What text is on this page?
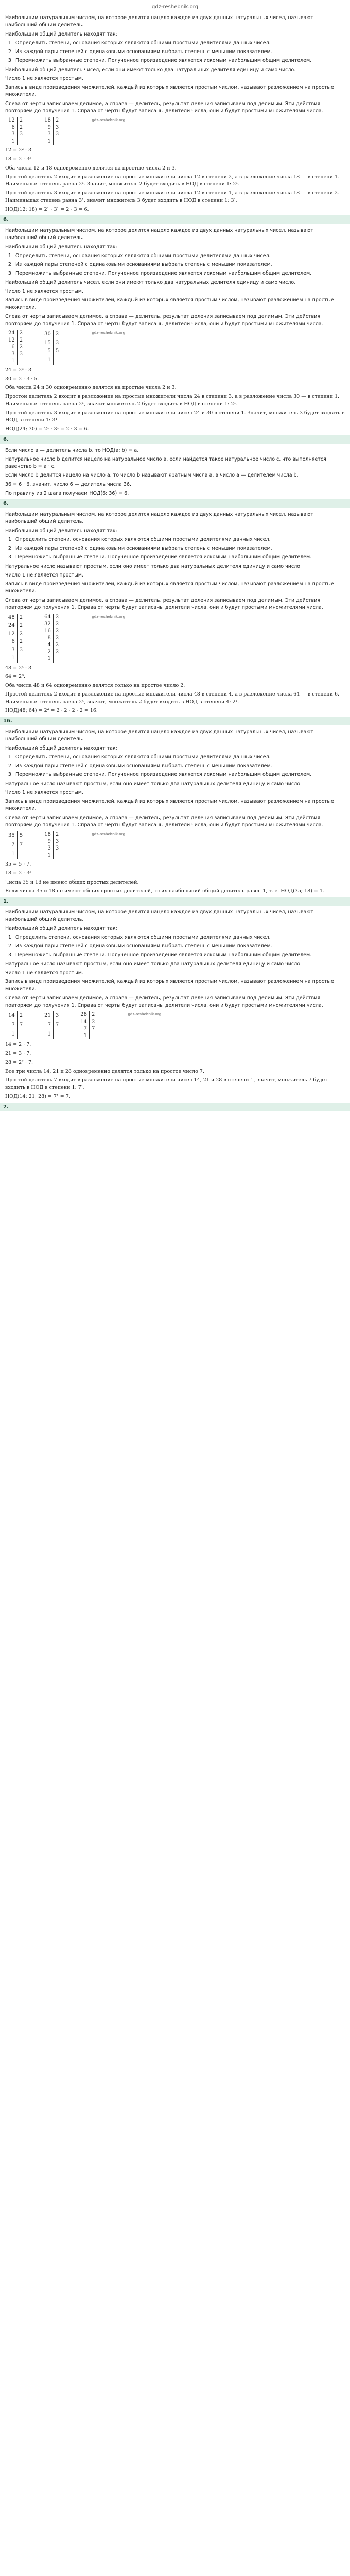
gdz-reshebnik.org

Наибольшим натуральным числом, на которое делится нацело каждое из двух данных натуральных чисел, называют наибольший общий делитель.

Наибольший общий делитель находят так:

1. Определить степени, основания которых являются общими простыми делителями данных чисел.
2. Из каждой пары степеней с одинаковыми основаниями выбрать степень с меньшим показателем.
3. Перемножить выбранные степени. Полученное произведение является искомым наибольшим общим делителем.

Наибольший общий делитель чисел, если они имеют только два натуральных делителя единицу и само число.

Число 1 не является простым.

Запись в виде произведения множителей, каждый из которых является простым числом, называют разложением на простые множители.

Слева от черты записываем делимое, а справа — делитель, результат деления записываем под делимым. Эти действия повторяем до получения 1. Справа от черты будут записаны делители числа, они и будут простыми множителями числа.

12	2
6	2
3	3
1	
18	2
9	3
3	3
1	
gdz-reshebnik.org

12 = 2² · 3.

18 = 2 · 3².

Оба числа 12 и 18 одновременно делятся на простые числа 2 и 3.

Простой делитель 2 входит в разложение на простые множители числа 12 в степени 2, а в разложение числа 18 — в степени 1. Наименьшая степень равна 2¹. Значит, множитель 2 будет входить в НОД в степени 1: 2¹.

Простой делитель 3 входит в разложение на простые множители числа 12 в степени 1, а в разложение числа 18 — в степени 2. Наименьшая степень равна 3¹, значит множитель 3 будет входить в НОД в степени 1: 3¹.

НОД(12; 18) = 2¹ · 3¹ = 2 · 3 = 6.

6.

Наибольшим натуральным числом, на которое делится нацело каждое из двух данных натуральных чисел, называют наибольший общий делитель.

Наибольший общий делитель находят так:

1. Определить степени, основания которых являются общими простыми делителями данных чисел.
2. Из каждой пары степеней с одинаковыми основаниями выбрать степень с меньшим показателем.
3. Перемножить выбранные степени. Полученное произведение является искомым наибольшим общим делителем.

Наибольший общий делитель чисел, если они имеют только два натуральных делителя единицу и само число.

Число 1 не является простым.

Запись в виде произведения множителей, каждый из которых является простым числом, называют разложением на простые множители.

Слева от черты записываем делимое, а справа — делитель, результат деления записываем под делимым. Эти действия повторяем до получения 1. Справа от черты будут записаны делители числа, они и будут простыми множителями числа.

24	2
12	2
6	2
3	3
1	
30	2
15	3
5	5
1	
gdz-reshebnik.org

24 = 2³ · 3.

30 = 2 · 3 · 5.

Оба числа 24 и 30 одновременно делятся на простые числа 2 и 3.

Простой делитель 2 входит в разложение на простые множители числа 24 в степени 3, а в разложение числа 30 — в степени 1. Наименьшая степень равна 2¹, значит множитель 2 будет входить в НОД в степени 1: 2¹.

Простой делитель 3 входит в разложение на простые множители чисел 24 и 30 в степени 1. Значит, множитель 3 будет входить в НОД в степени 1: 3¹.

НОД(24; 30) = 2¹ · 3¹ = 2 · 3 = 6.

6.

Если число a — делитель числа b, то НОД(a; b) = a.

Натуральное число b делится нацело на натуральное число a, если найдется такое натуральное число c, что выполняется равенство b = a · c.

Если число b делится нацело на число a, то число b называют кратным числа a, а число a — делителем числа b.

36 = 6 · 6, значит, число 6 — делитель числа 36.

По правилу из 2 шага получаем НОД(6; 36) = 6.

6.

Наибольшим натуральным числом, на которое делится нацело каждое из двух данных натуральных чисел, называют наибольший общий делитель.

Наибольший общий делитель находят так:

1. Определить степени, основания которых являются общими простыми делителями данных чисел.
2. Из каждой пары степеней с одинаковыми основаниями выбрать степень с меньшим показателем.
3. Перемножить выбранные степени. Полученное произведение является искомым наибольшим общим делителем.

Натуральное число называют простым, если оно имеет только два натуральных делителя единицу и само число.

Число 1 не является простым.

Запись в виде произведения множителей, каждый из которых является простым числом, называют разложением на простые множители.

Слева от черты записываем делимое, а справа — делитель, результат деления записываем под делимым. Эти действия повторяем до получения 1. Справа от черты будут записаны делители числа, они и будут простыми множителями числа.

48	2
24	2
12	2
6	2
3	3
1	
64	2
32	2
16	2
8	2
4	2
2	2
1	
gdz-reshebnik.org

48 = 2⁴ · 3.

64 = 2⁶.

Оба числа 48 и 64 одновременно делятся только на простое число 2.

Простой делитель 2 входит в разложение на простые множители числа 48 в степени 4, а в разложение числа 64 — в степени 6. Наименьшая степень равна 2⁴, значит, множитель 2 будет входить в НОД в степени 4: 2⁴.

НОД(48; 64) = 2⁴ = 2 · 2 · 2 · 2 = 16.

16.

Наибольшим натуральным числом, на которое делится нацело каждое из двух данных натуральных чисел, называют наибольший общий делитель.

Наибольший общий делитель находят так:

1. Определить степени, основания которых являются общими простыми делителями данных чисел.
2. Из каждой пары степеней с одинаковыми основаниями выбрать степень с меньшим показателем.
3. Перемножить выбранные степени. Полученное произведение является искомым наибольшим общим делителем.

Натуральное число называют простым, если оно имеет только два натуральных делителя единицу и само число.

Число 1 не является простым.

Запись в виде произведения множителей, каждый из которых является простым числом, называют разложением на простые множители.

Слева от черты записываем делимое, а справа — делитель, результат деления записываем под делимым. Эти действия повторяем до получения 1. Справа от черты будут записаны делители числа, они и будут простыми множителями числа.

35	5
7	7
1	
18	2
9	3
3	3
1	
gdz-reshebnik.org

35 = 5 · 7.

18 = 2 · 3².

Числа 35 и 18 не имеют общих простых делителей.

Если числа 35 и 18 не имеют общих простых делителей, то их наибольший общий делитель равен 1, т. е. НОД(35; 18) = 1.

1.

Наибольшим натуральным числом, на которое делится нацело каждое из двух данных натуральных чисел, называют наибольший общий делитель.

Наибольший общий делитель находят так:

1. Определить степени, основания которых являются общими простыми делителями данных чисел.
2. Из каждой пары степеней с одинаковыми основаниями выбрать степень с меньшим показателем.
3. Перемножить выбранные степени. Полученное произведение является искомым наибольшим общим делителем.

Натуральное число называют простым, если оно имеет только два натуральных делителя единицу и само число.

Число 1 не является простым.

Запись в виде произведения множителей, каждый из которых является простым числом, называют разложением на простые множители.

Слева от черты записываем делимое, а справа — делитель, результат деления записываем под делимым. Эти действия повторяем до получения 1. Справа от черты будут записаны делители числа, они и будут простыми множителями числа.

14	2
7	7
1	
21	3
7	7
1	
28	2
14	2
7	7
1	
gdz-reshebnik.org

14 = 2 · 7.

21 = 3 · 7.

28 = 2² · 7.

Все три числа 14, 21 и 28 одновременно делятся только на простое число 7.

Простой делитель 7 входит в разложение на простые множители чисел 14, 21 и 28 в степени 1, значит, множитель 7 будет входить в НОД в степени 1: 7¹.

НОД(14; 21; 28) = 7¹ = 7.

7.
